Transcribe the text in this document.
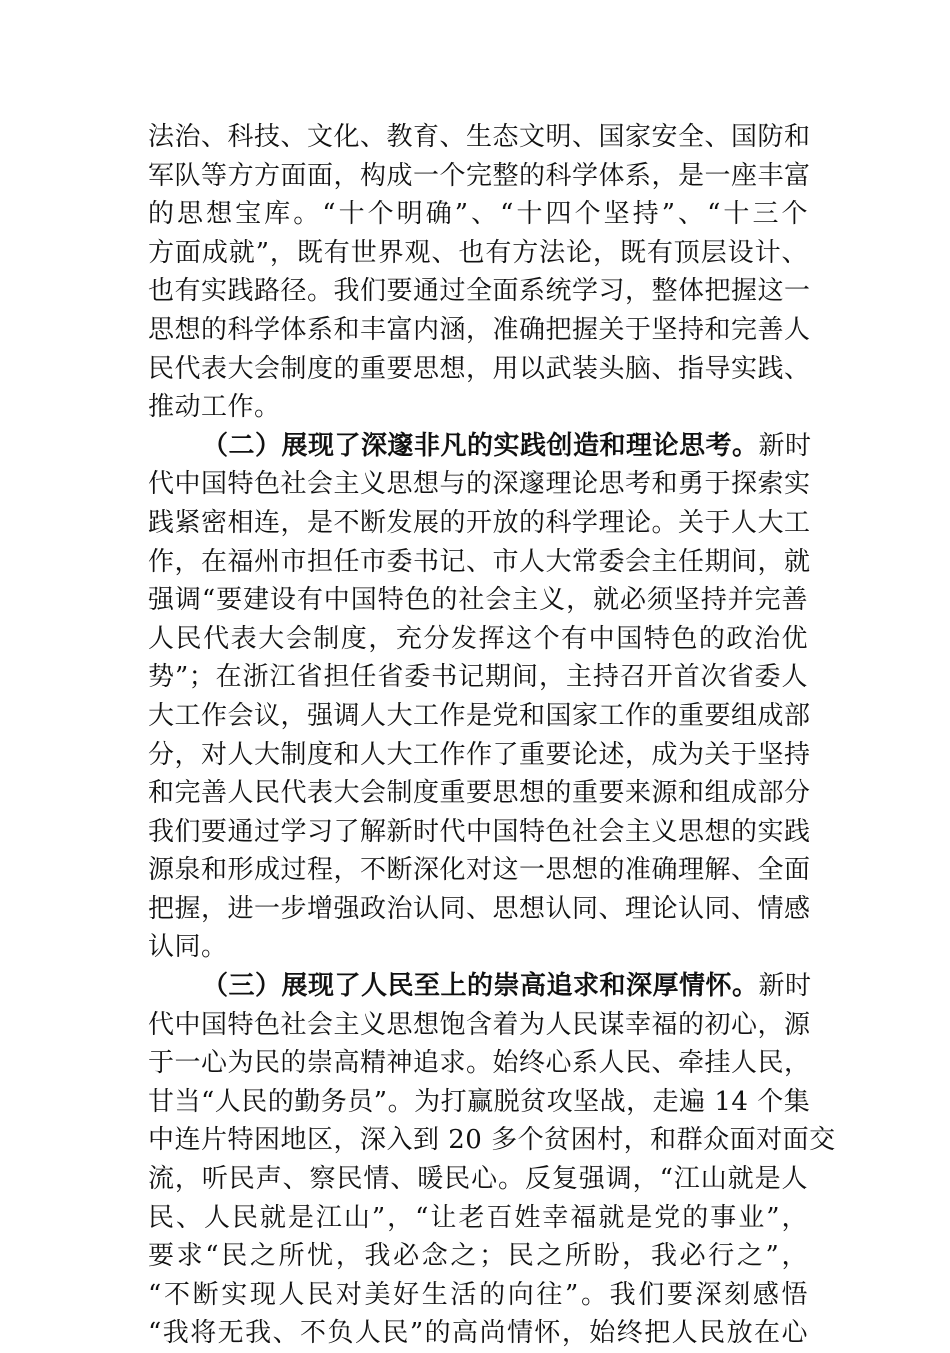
法治、科技、文化、教育、生态文明、国家安全、国防和
军队等方方面面，构成一个完整的科学体系，是一座丰富
的思想宝库。“十个明确”、“十四个坚持”、“十三个
方面成就”，既有世界观、也有方法论，既有顶层设计、
也有实践路径。我们要通过全面系统学习，整体把握这一
思想的科学体系和丰富内涵，准确把握关于坚持和完善人
民代表大会制度的重要思想，用以武装头脑、指导实践、
推动工作。
（二）展现了深邃非凡的实践创造和理论思考。新时
代中国特色社会主义思想与的深邃理论思考和勇于探索实
践紧密相连，是不断发展的开放的科学理论。关于人大工
作，在福州市担任市委书记、市人大常委会主任期间，就
强调“要建设有中国特色的社会主义，就必须坚持并完善
人民代表大会制度，充分发挥这个有中国特色的政治优
势”；在浙江省担任省委书记期间，主持召开首次省委人
大工作会议，强调人大工作是党和国家工作的重要组成部
分，对人大制度和人大工作作了重要论述，成为关于坚持
和完善人民代表大会制度重要思想的重要来源和组成部分
我们要通过学习了解新时代中国特色社会主义思想的实践
源泉和形成过程，不断深化对这一思想的准确理解、全面
把握，进一步增强政治认同、思想认同、理论认同、情感
认同。
（三）展现了人民至上的崇高追求和深厚情怀。新时
代中国特色社会主义思想饱含着为人民谋幸福的初心，源
于一心为民的崇高精神追求。始终心系人民、牵挂人民，
甘当“人民的勤务员”。为打赢脱贫攻坚战，走遍 14 个集
中连片特困地区，深入到 20 多个贫困村，和群众面对面交
流，听民声、察民情、暖民心。反复强调，“江山就是人
民、人民就是江山”，“让老百姓幸福就是党的事业”，
要求“民之所忧，我必念之；民之所盼，我必行之”，
“不断实现人民对美好生活的向往”。我们要深刻感悟
“我将无我、不负人民”的高尚情怀，始终把人民放在心
